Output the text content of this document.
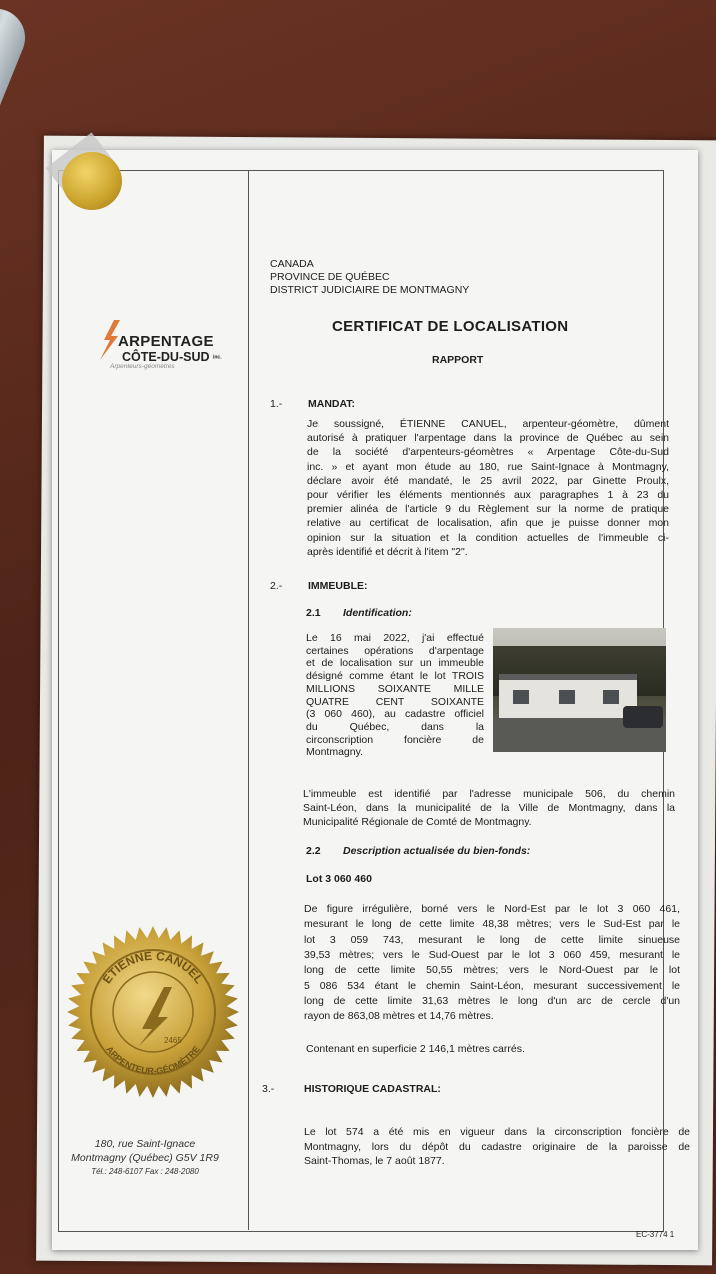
ARPENTAGE
CÔTE-DU-SUD inc.
Arpenteurs-géomètres
CANADA
PROVINCE DE QUÉBEC
DISTRICT JUDICIAIRE DE MONTMAGNY
CERTIFICAT DE LOCALISATION
RAPPORT
1.- MANDAT:
Je soussigné, ÉTIENNE CANUEL, arpenteur-géomètre, dûment
autorisé à pratiquer l'arpentage dans la province de Québec au sein
de la société d'arpenteurs-géomètres « Arpentage Côte-du-Sud
inc. » et ayant mon étude au 180, rue Saint-Ignace à Montmagny,
déclare avoir été mandaté, le 25 avril 2022, par Ginette Proulx,
pour vérifier les éléments mentionnés aux paragraphes 1 à 23 du
premier alinéa de l'article 9 du Règlement sur la norme de pratique
relative au certificat de localisation, afin que je puisse donner mon
opinion sur la situation et la condition actuelles de l'immeuble ci-
après identifié et décrit à l'item "2".
2.- IMMEUBLE:
2.1 Identification:
Le 16 mai 2022, j'ai effectué
certaines opérations d'arpentage
et de localisation sur un immeuble
désigné comme étant le lot TROIS
MILLIONS SOIXANTE MILLE
QUATRE CENT SOIXANTE
(3 060 460), au cadastre officiel
du Québec, dans la
circonscription foncière de
Montmagny.
L'immeuble est identifié par l'adresse municipale 506, du chemin
Saint-Léon, dans la municipalité de la Ville de Montmagny, dans la
Municipalité Régionale de Comté de Montmagny.
2.2 Description actualisée du bien-fonds:
Lot 3 060 460
De figure irrégulière, borné vers le Nord-Est par le lot 3 060 461,
mesurant le long de cette limite 48,38 mètres; vers le Sud-Est par le
lot 3 059 743, mesurant le long de cette limite sinueuse
39,53 mètres; vers le Sud-Ouest par le lot 3 060 459, mesurant le
long de cette limite 50,55 mètres; vers le Nord-Ouest par le lot
5 086 534 étant le chemin Saint-Léon, mesurant successivement le
long de cette limite 31,63 mètres le long d'un arc de cercle d'un
rayon de 863,08 mètres et 14,76 mètres.
Contenant en superficie 2 146,1 mètres carrés.
3.-	HISTORIQUE CADASTRAL:
Le lot 574 a été mis en vigueur dans la circonscription foncière de
Montmagny, lors du dépôt du cadastre originaire de la paroisse de
Saint-Thomas, le 7 août 1877.
ÉTIENNE CANUEL
ARPENTEUR-GÉOMÈTRE
2465
180, rue Saint-Ignace
Montmagny (Québec) G5V 1R9
Tél.: 248-6107 Fax : 248-2080
EC-3774 1
